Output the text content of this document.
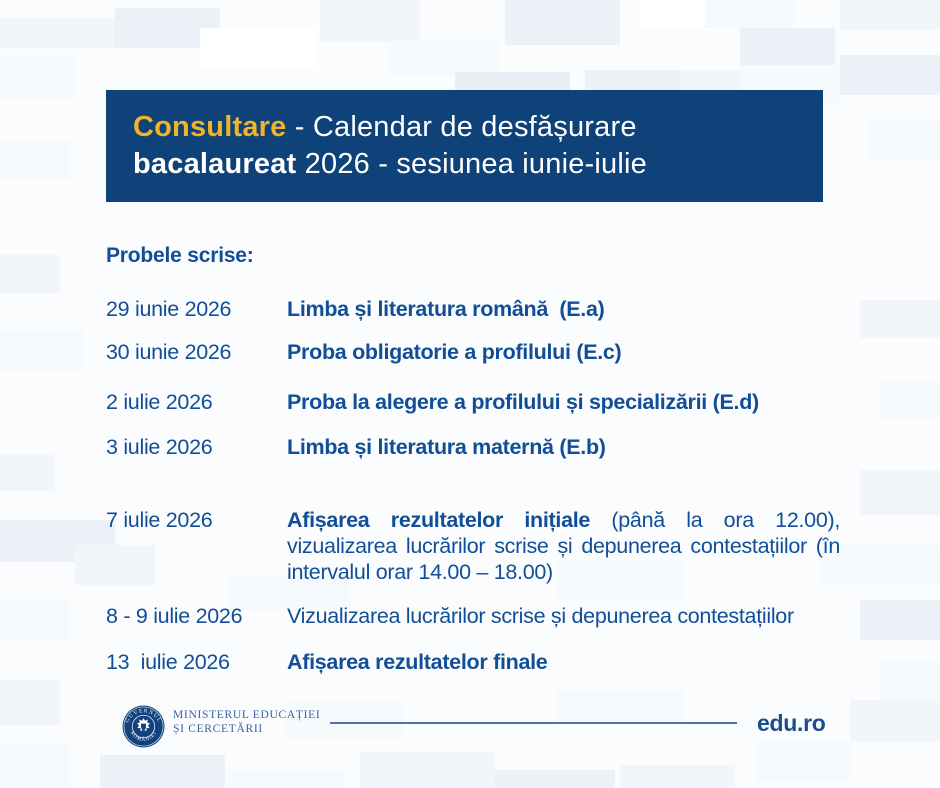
Consultare - Calendar de desfășurare
bacalaureat 2026 - sesiunea iunie-iulie
Probele scrise:
29 iunie 2026	Limba și literatura română  (E.a)
30 iunie 2026	Proba obligatorie a profilului (E.c)
2 iulie 2026	Proba la alegere a profilului și specializării (E.d)
3 iulie 2026	Limba și literatura maternă (E.b)
7 iulie 2026	Afișarea rezultatelor inițiale (până la ora 12.00), vizualizarea lucrărilor scrise și depunerea contestațiilor (în intervalul orar 14.00 – 18.00)
8 - 9 iulie 2026	Vizualizarea lucrărilor scrise și depunerea contestațiilor
13  iulie 2026	Afișarea rezultatelor finale
GUVERNUL
ROMÂNIEI
MINISTERUL EDUCAȚIEI
ȘI CERCETĂRII	edu.ro
